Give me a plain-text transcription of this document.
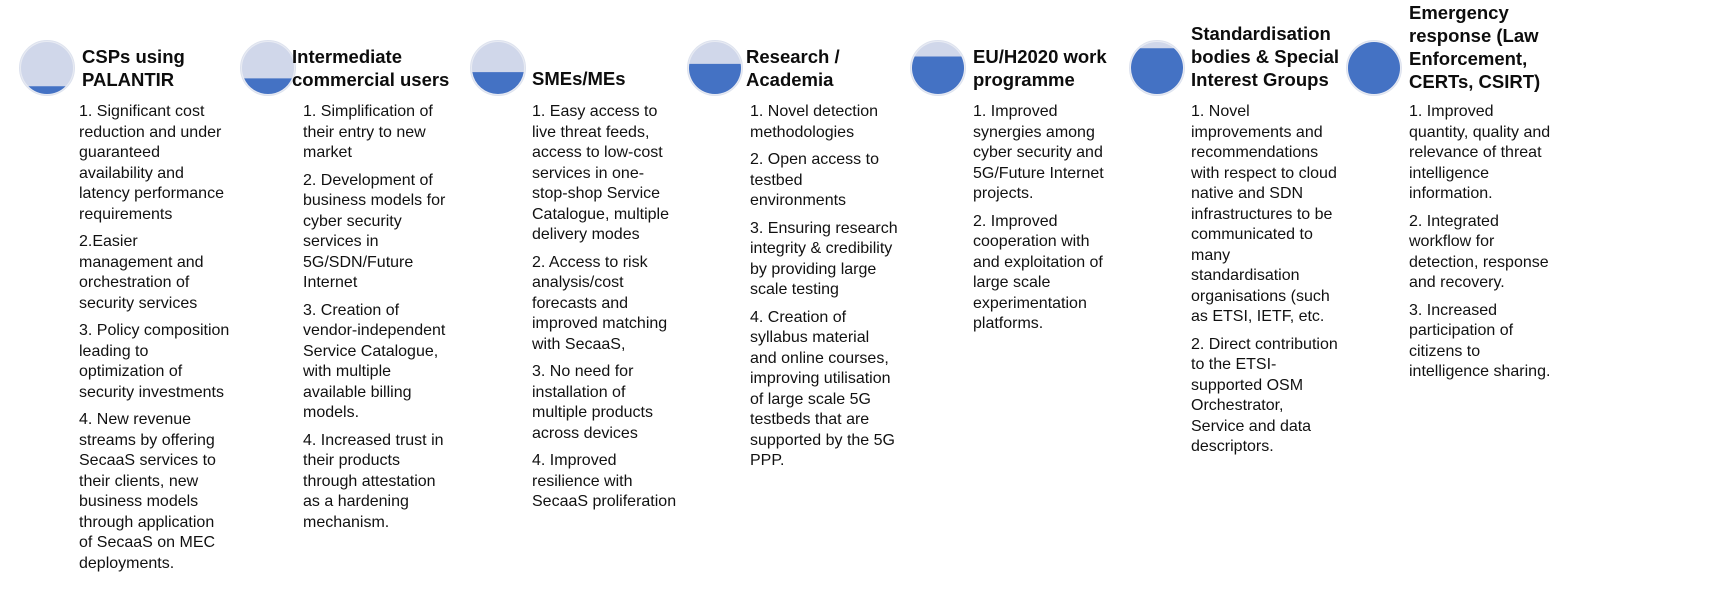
CSPs using
PALANTIR
1. Significant cost reduction and under guaranteed availability and latency performance requirements
2.Easier management and orchestration of security services
3. Policy composition leading to optimization of security investments
4. New revenue streams by offering SecaaS services to their clients, new business models through application of SecaaS on MEC deployments.
Intermediate
commercial users
1. Simplification of their entry to new market
2. Development of business models for cyber security services in 5G/SDN/Future Internet
3. Creation of vendor-independent Service Catalogue, with multiple available billing models.
4. Increased trust in their products through attestation as a hardening mechanism.
SMEs/MEs
1. Easy access to live threat feeds, access to low-cost services in one-stop-shop Service Catalogue, multiple delivery modes
2. Access to risk analysis/cost forecasts and improved matching with SecaaS,
3. No need for installation of multiple products across devices
4. Improved resilience with SecaaS proliferation
Research /
Academia
1. Novel detection methodologies
2. Open access to testbed environments
3. Ensuring research integrity & credibility by providing large scale testing
4. Creation of syllabus material and online courses, improving utilisation of large scale 5G testbeds that are supported by the 5G PPP.
EU/H2020 work
programme
1. Improved synergies among cyber security and 5G/Future Internet projects.
2. Improved cooperation with and exploitation of large scale experimentation platforms.
Standardisation
bodies & Special
Interest Groups
1. Novel improvements and recommendations with respect to cloud native and SDN infrastructures to be communicated to many standardisation organisations (such as ETSI, IETF, etc.
2. Direct contribution to the ETSI-supported OSM Orchestrator, Service and data descriptors.
Emergency
response (Law
Enforcement,
CERTs, CSIRT)
1. Improved quantity, quality and relevance of threat intelligence information.
2. Integrated workflow for detection, response and recovery.
3. Increased participation of citizens to intelligence sharing.
